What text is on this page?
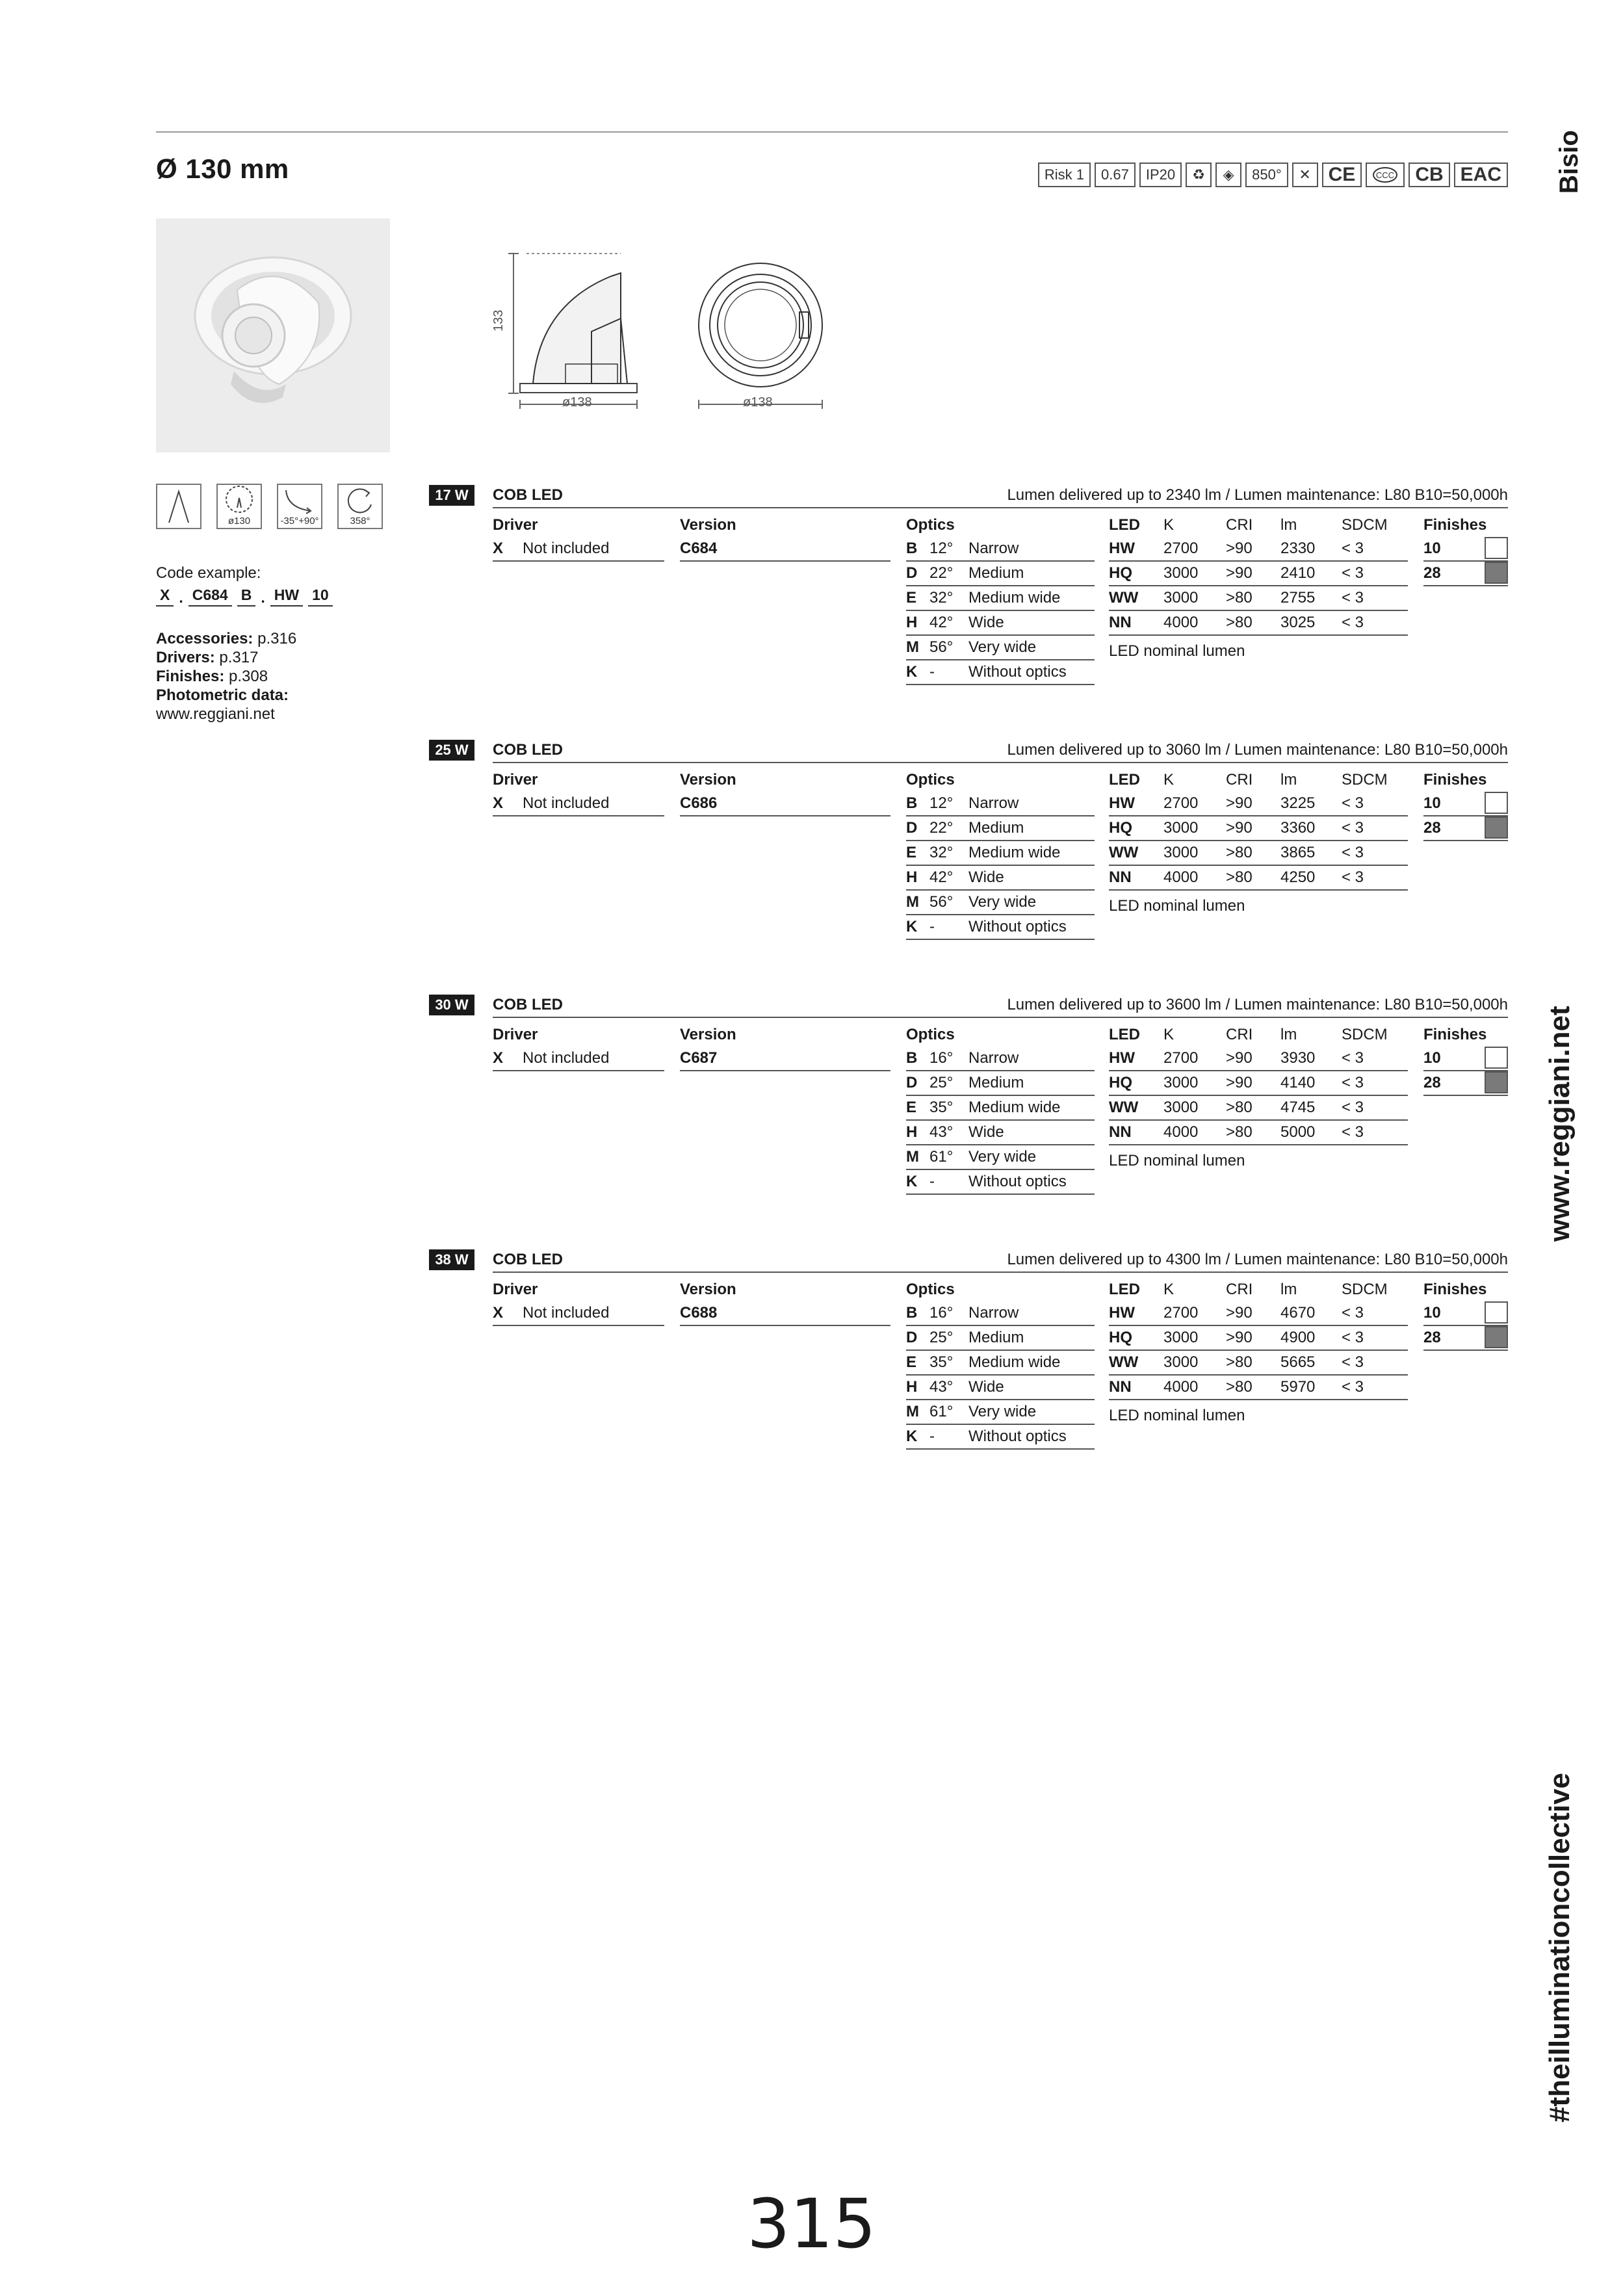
Ø 130 mm	Risk 1	0.67	IP20	♻	◈	850°	✕ CE	CCC	CB EAC Bisio
www.reggiani.net
#theilluminationcollective
133
ø138	ø138
ø130	-35°+90°	358°
Code example:
X . C684 B . HW 10
Accessories: p.316
Drivers: p.317
Finishes: p.308
Photometric data:
www.reggiani.net
17 W	COB LED	Lumen delivered up to 2340 lm / Lumen maintenance: L80 B10=50,000h
Driver
X Not included
Version
C684
Optics
B 12° Narrow
D 22° Medium
E 32° Medium wide
H 42° Wide
M 56° Very wide
K - Without optics
LED K	CRI lm	SDCM
HW 2700 >90 2330 < 3
HQ 3000 >90 2410 < 3
WW 3000 >80 2755 < 3
NN 4000 >80 3025 < 3
LED nominal lumen
Finishes
10
28
25 W	COB LED	Lumen delivered up to 3060 lm / Lumen maintenance: L80 B10=50,000h
Driver
X Not included
Version
C686
Optics
B 12° Narrow
D 22° Medium
E 32° Medium wide
H 42° Wide
M 56° Very wide
K - Without optics
LED K	CRI lm	SDCM
HW 2700 >90 3225 < 3
HQ 3000 >90 3360 < 3
WW 3000 >80 3865 < 3
NN 4000 >80 4250 < 3
LED nominal lumen
Finishes
10
28
30 W	COB LED	Lumen delivered up to 3600 lm / Lumen maintenance: L80 B10=50,000h
Driver
X Not included
Version
C687
Optics
B 16° Narrow
D 25° Medium
E 35° Medium wide
H 43° Wide
M 61° Very wide
K - Without optics
LED K	CRI lm	SDCM
HW 2700 >90 3930 < 3
HQ 3000 >90 4140 < 3
WW 3000 >80 4745 < 3
NN 4000 >80 5000 < 3
LED nominal lumen
Finishes
10
28
38 W	COB LED	Lumen delivered up to 4300 lm / Lumen maintenance: L80 B10=50,000h
Driver
X Not included
Version
C688
Optics
B 16° Narrow
D 25° Medium
E 35° Medium wide
H 43° Wide
M 61° Very wide
K - Without optics
LED K	CRI lm	SDCM
HW 2700 >90 4670 < 3
HQ 3000 >90 4900 < 3
WW 3000 >80 5665 < 3
NN 4000 >80 5970 < 3
LED nominal lumen
Finishes
10
28
315
